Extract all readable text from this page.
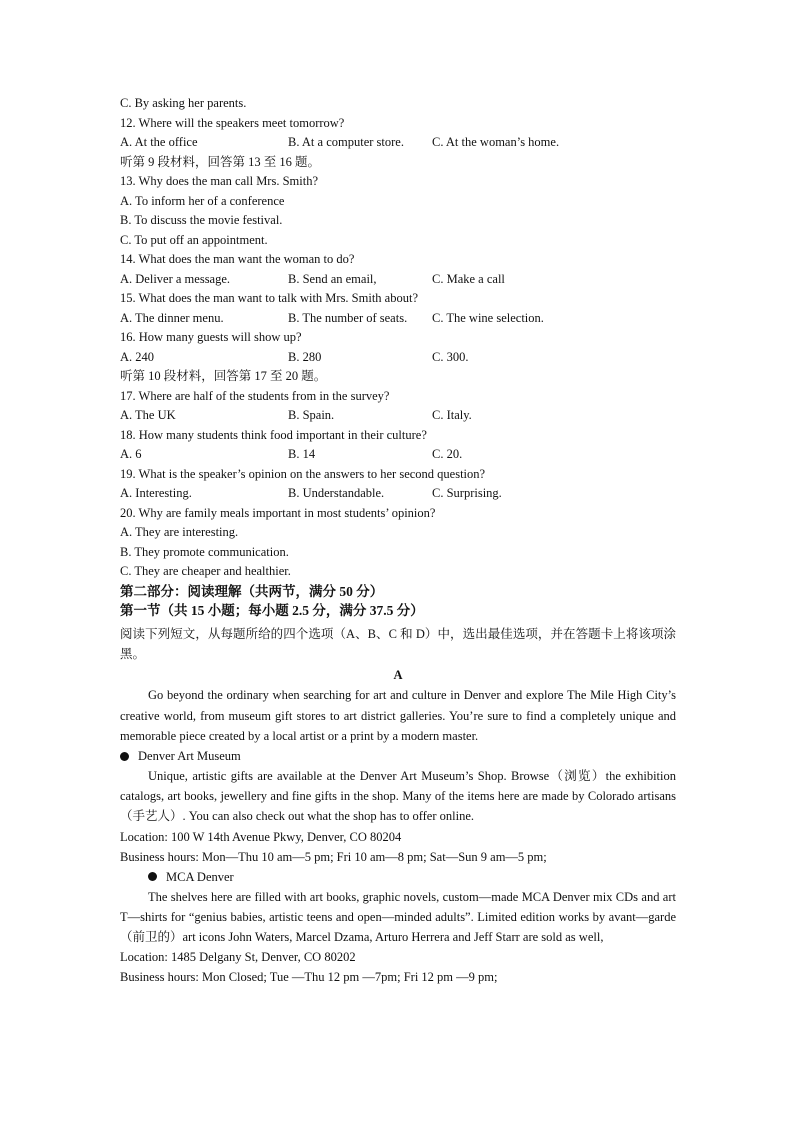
C. By asking her parents.
12. Where will the speakers meet tomorrow?
A. At the office	B. At a computer store.	C. At the woman’s home.
听第 9 段材料，回答第 13 至 16 题。
13. Why does the man call Mrs. Smith?
A. To inform her of a conference
B. To discuss the movie festival.
C. To put off an appointment.
14. What does the man want the woman to do?
A. Deliver a message.	B. Send an email,	C. Make a call
15. What does the man want to talk with Mrs. Smith about?
A. The dinner menu.	B. The number of seats.	C. The wine selection.
16. How many guests will show up?
A. 240	B. 280	C. 300.
听第 10 段材料，回答第 17 至 20 题。
17. Where are half of the students from in the survey?
A. The UK	B. Spain.	C. Italy.
18. How many students think food important in their culture?
A. 6	B. 14	C. 20.
19. What is the speaker’s opinion on the answers to her second question?
A. Interesting.	B. Understandable.	C. Surprising.
20. Why are family meals important in most students’ opinion?
A. They are interesting.
B. They promote communication.
C. They are cheaper and healthier.
第二部分：阅读理解（共两节，满分 50 分）
第一节（共 15 小题；每小题 2.5 分，满分 37.5 分）
阅读下列短文，从每题所给的四个选项（A、B、C 和 D）中，选出最佳选项，并在答题卡上将该项涂黑。
A
Go beyond the ordinary when searching for art and culture in Denver and explore The Mile High City’s creative world, from museum gift stores to art district galleries. You’re sure to find a completely unique and memorable piece created by a local artist or a print by a modern master.
Denver Art Museum
Unique, artistic gifts are available at the Denver Art Museum’s Shop. Browse（浏览）the exhibition catalogs, art books, jewellery and fine gifts in the shop. Many of the items here are made by Colorado artisans（手艺人）. You can also check out what the shop has to offer online.
Location: 100 W 14th Avenue Pkwy, Denver, CO 80204
Business hours: Mon—Thu 10 am—5 pm; Fri 10 am—8 pm; Sat—Sun 9 am—5 pm;
MCA Denver
The shelves here are filled with art books, graphic novels, custom—made MCA Denver mix CDs and art T—shirts for “genius babies, artistic teens and open—minded adults”. Limited edition works by avant—garde（前卫的）art icons John Waters, Marcel Dzama, Arturo Herrera and Jeff Starr are sold as well,
Location: 1485 Delgany St, Denver, CO 80202
Business hours: Mon Closed; Tue —Thu 12 pm —7pm; Fri 12 pm —9 pm;
